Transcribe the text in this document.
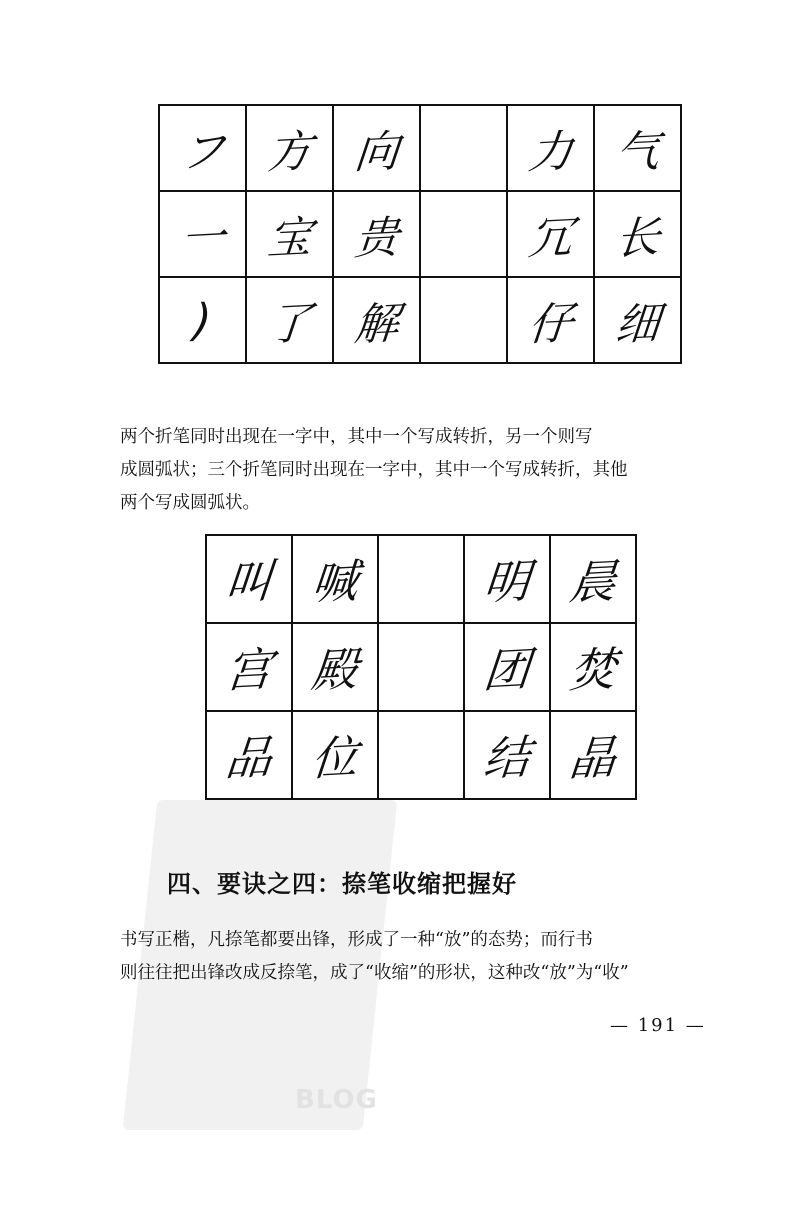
BLOG
フ	方	向		力	气
一	宝	贵		冗	长
)	了	解		仔	细

两个折笔同时出现在一字中，其中一个写成转折，另一个则写
成圆弧状；三个折笔同时出现在一字中，其中一个写成转折，其他
两个写成圆弧状。

叫	喊		明	晨
宫	殿		团	焚
品	位		结	晶
四、要诀之四：捺笔收缩把握好

书写正楷，凡捺笔都要出锋，形成了一种“放”的态势；而行书
则往往把出锋改成反捺笔，成了“收缩”的形状，这种改“放”为“收”

— 191 —
